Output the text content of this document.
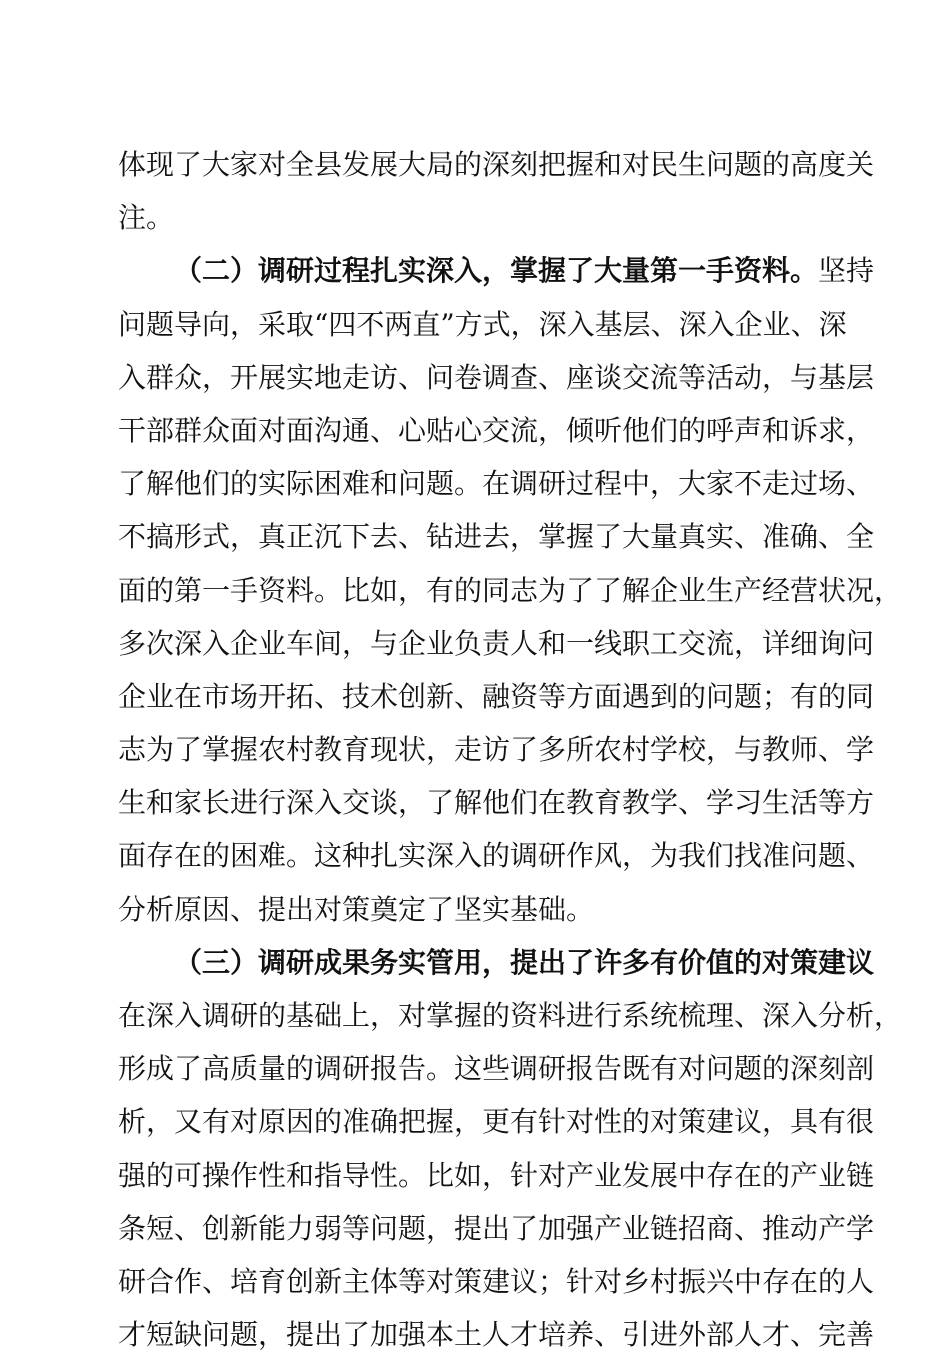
体现了大家对全县发展大局的深刻把握和对民生问题的高度关
注。
（二）调研过程扎实深入，掌握了大量第一手资料。坚持
问题导向，采取“四不两直”方式，深入基层、深入企业、深
入群众，开展实地走访、问卷调查、座谈交流等活动，与基层
干部群众面对面沟通、心贴心交流，倾听他们的呼声和诉求，
了解他们的实际困难和问题。在调研过程中，大家不走过场、
不搞形式，真正沉下去、钻进去，掌握了大量真实、准确、全
面的第一手资料。比如，有的同志为了了解企业生产经营状况，
多次深入企业车间，与企业负责人和一线职工交流，详细询问
企业在市场开拓、技术创新、融资等方面遇到的问题；有的同
志为了掌握农村教育现状，走访了多所农村学校，与教师、学
生和家长进行深入交谈，了解他们在教育教学、学习生活等方
面存在的困难。这种扎实深入的调研作风，为我们找准问题、
分析原因、提出对策奠定了坚实基础。
（三）调研成果务实管用，提出了许多有价值的对策建议
在深入调研的基础上，对掌握的资料进行系统梳理、深入分析，
形成了高质量的调研报告。这些调研报告既有对问题的深刻剖
析，又有对原因的准确把握，更有针对性的对策建议，具有很
强的可操作性和指导性。比如，针对产业发展中存在的产业链
条短、创新能力弱等问题，提出了加强产业链招商、推动产学
研合作、培育创新主体等对策建议；针对乡村振兴中存在的人
才短缺问题，提出了加强本土人才培养、引进外部人才、完善
